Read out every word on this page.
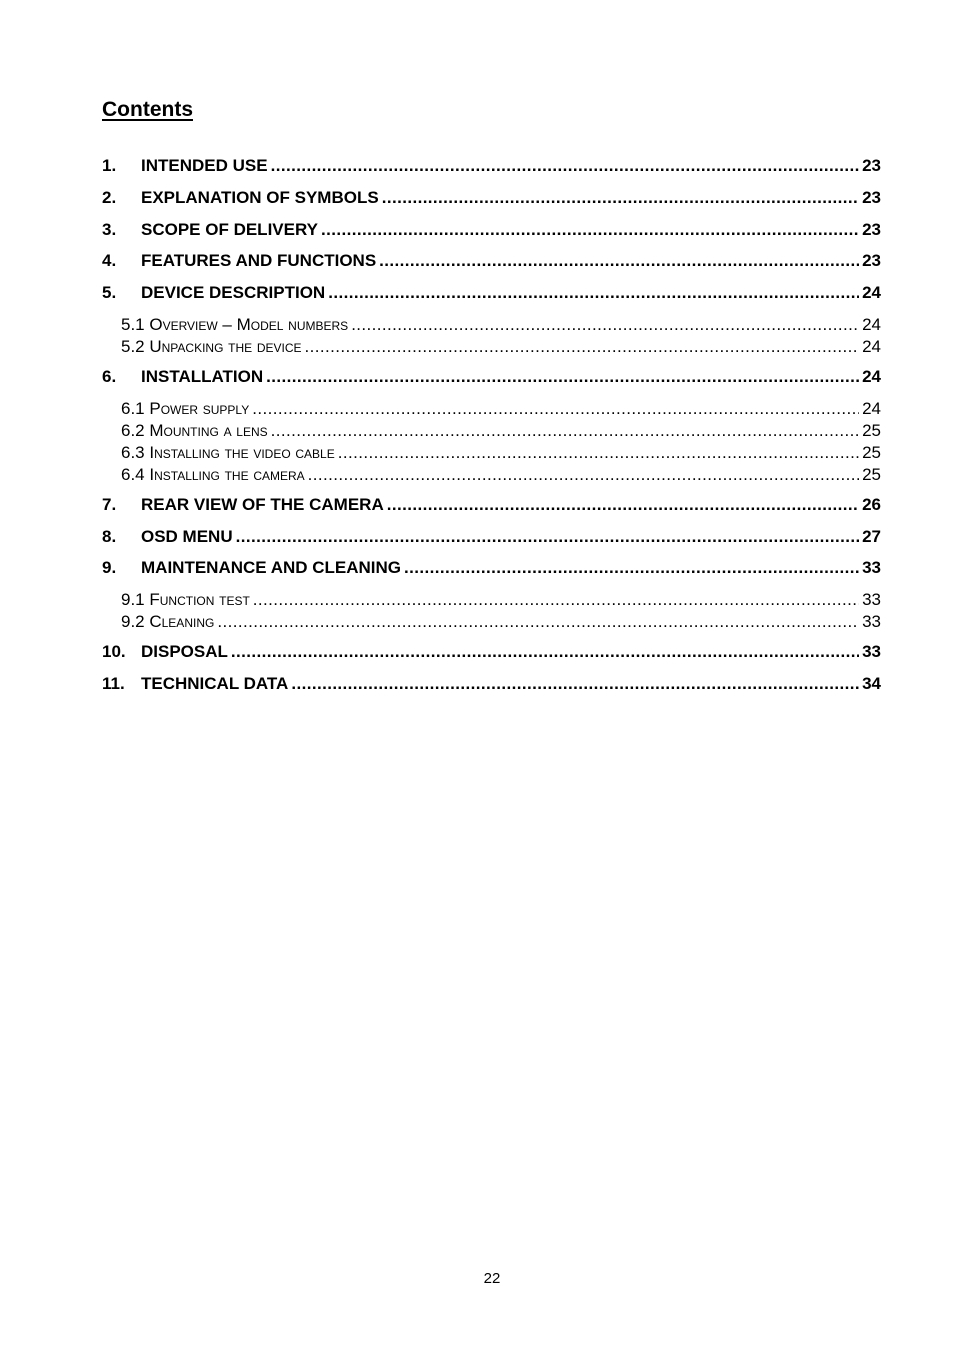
Contents
1.	INTENDED USE .....	23
2.	EXPLANATION OF SYMBOLS .....	23
3.	SCOPE OF DELIVERY .....	23
4.	FEATURES AND FUNCTIONS .....	23
5.	DEVICE DESCRIPTION .....	24
5.1 Overview – Model numbers .....	24
5.2 Unpacking the device .....	24
6.	INSTALLATION .....	24
6.1 Power supply .....	24
6.2 Mounting a lens .....	25
6.3 Installing the video cable .....	25
6.4 Installing the camera .....	25
7.	REAR VIEW OF THE CAMERA .....	26
8.	OSD MENU .....	27
9.	MAINTENANCE AND CLEANING .....	33
9.1 Function test .....	33
9.2 Cleaning .....	33
10. DISPOSAL .....	33
11. TECHNICAL DATA .....	34
22
